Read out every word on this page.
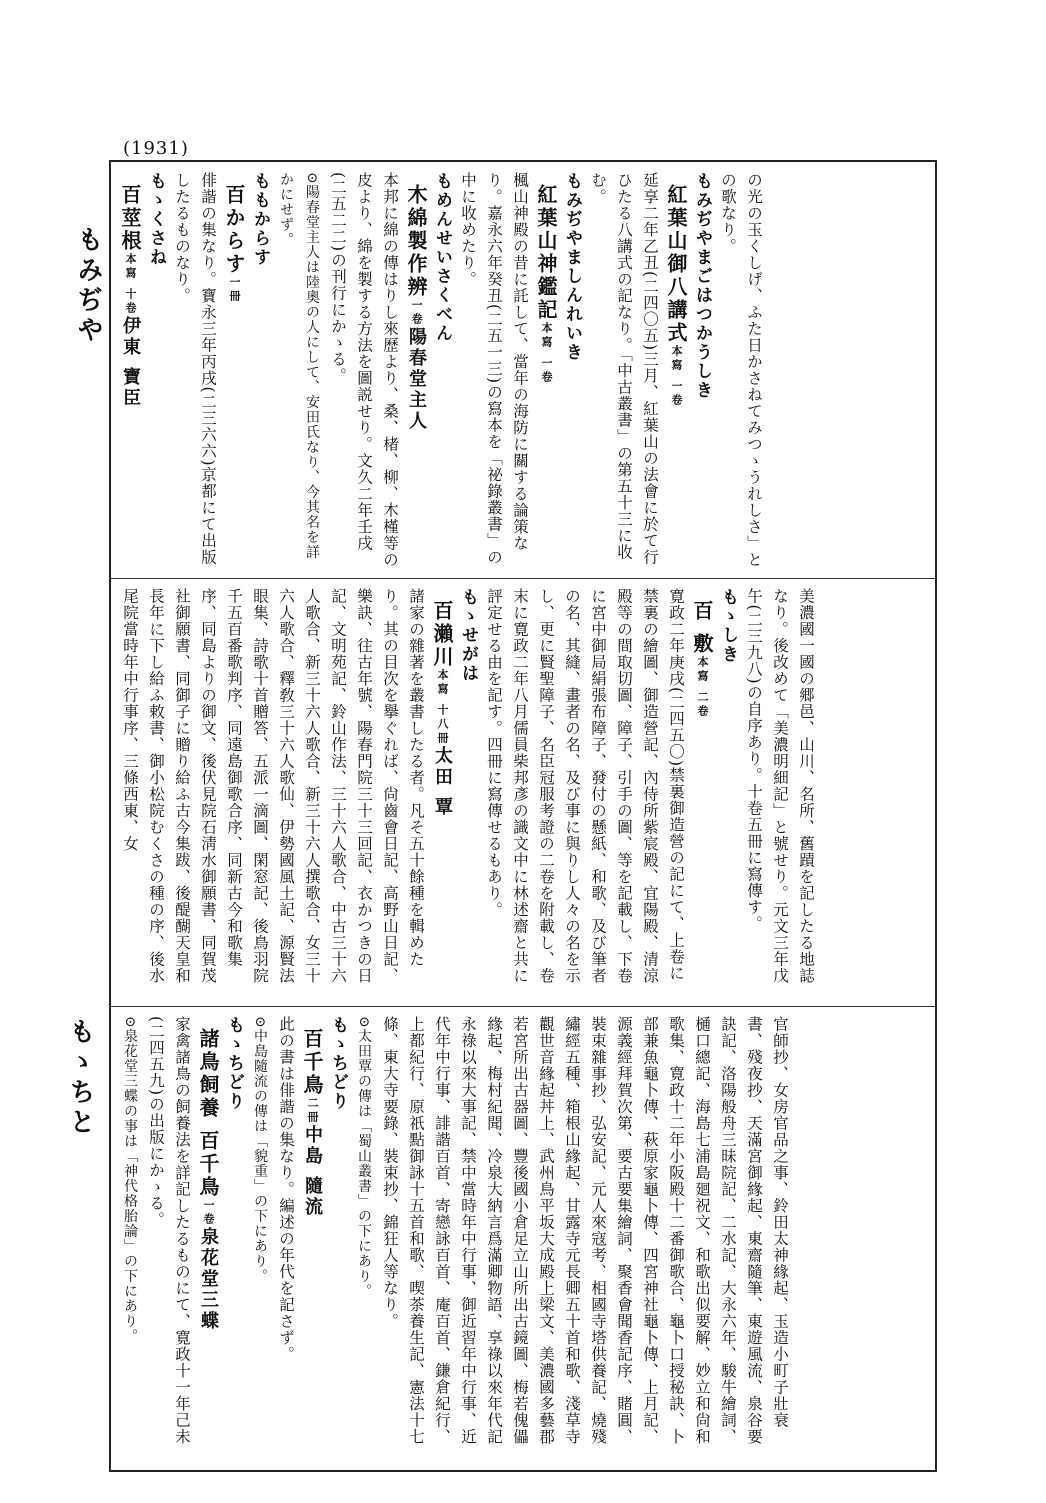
(1931)
もみぢや
もゝちと

の光の玉くしげ、ふた日かさねてみつゝうれしさ」との歌なり。

もみぢやまごはつかうしき

紅葉山御八講式本寫 一卷

延享二年乙丑(二四〇五)三月、紅葉山の法會に於て行ひたる八講式の記なり。「中古叢書」の第五十三に收む。

もみぢやましんれいき

紅葉山神鑑記本寫 一卷

楓山神殿の昔に託して、當年の海防に關する論策なり。嘉永六年癸丑(二五一三)の寫本を「祕錄叢書」の中に收めたり。

もめんせいさくべん

木綿製作辨一卷陽春堂主人

本邦に綿の傳はりし來歷より、桑、楮、柳、木槿等の皮より、綿を製する方法を圖説せり。文久二年壬戌(二五二二)の刊行にかゝる。

⊙陽春堂主人は陸奧の人にして、安田氏なり、今其名を詳かにせず。

ももからす

百からす一冊

俳諧の集なり。寶永三年丙戌(二三六六)京都にて出版したるものなり。

もゝくさね

百莖根本寫 十卷伊東 寶臣

美濃國一國の郷邑、山川、名所、舊蹟を記したる地誌なり。後改めて「美濃明細記」と號せり。元文三年戊午(二三九八)の自序あり。十卷五冊に寫傳す。

もゝしき

百 敷本寫 二卷

寛政二年庚戌(二四五〇)禁裏御造營の記にて、上卷に禁裏の繪圖、御造營記、內侍所紫宸殿、宜陽殿、清涼殿等の間取切圖、障子、引手の圖、等を記載し、下卷に宮中御局絹張布障子、發付の懸紙、和歌、及び筆者の名、其縫、畫者の名、及び事に與りし人々の名を示し、更に賢聖障子、名臣冠服考證の二卷を附載し、卷末に寛政二年八月儒員柴邦彥の識文中に林述齋と共に評定せる由を記す。四冊に寫傳せるもあり。

もゝせがは

百瀨川本寫 十八冊太田 覃

諸家の雜著を叢書したる者。凡そ五十餘種を輯めたり。其の目次を擧ぐれば、尙齒會日記、高野山日記、樂訣、往古年號、陽春門院三十三回記、衣かつきの日記、文明苑記、鈴山作法、三十六人歌合、中古三十六人歌合、新三十六人歌合、新三十六人撰歌合、女三十六人歌合、釋敎三十六人歌仙、伊勢國風土記、源賢法眼集、詩歌十首贈答、五派一滴圖、閑窓記、後鳥羽院千五百番歌判序、同遠島御歌合序、同新古今和歌集序、同島よりの御文、後伏見院石淸水御願書、同賀茂社御願書、同御子に贈り給ふ古今集跋、後醍醐天皇和長年に下し給ふ敕書、御小松院むくさの種の序、後水尾院當時年中行事序、三條西東、女

官師抄、女房官品之事、鈴田太神緣起、玉造小町子壯衰書、殘夜抄、天滿宮御緣起、東齋隨筆、東遊風流、泉谷要訣記、洛陽般舟三昧院記、二水記、大永六年、駿牛繪詞、樋口總記、海島七浦島廻祝文、和歌出似要解、妙立和尙和歌集、寛政十二年小阪殿十二番御歌合、龜卜口授秘訣、卜部兼魚龜卜傳、萩原家龜卜傳、四宮神社龜卜傳、上月記、源義經拜賀次第、要古要集繪詞、聚香會聞香記序、賭圓、裝束雜事抄、弘安記、元人來寇考、相國寺塔供養記、燒殘繡經五種、箱根山緣起、甘露寺元長卿五十首和歌、淺草寺觀世音緣起丼上、武州鳥平坂大成殿上梁文、美濃國多藝郡若宮所出古器圖、豐後國小倉足立山所出古鏡圖、梅若傀儡緣起、梅村紀聞、冷泉大納言爲滿卿物語、享祿以來年代記永祿以來大事記、禁中當時年中行事、御近習年中行事、近代年中行事、誹諧百首、寄戀詠百首、庵百首、鎌倉紀行、上都紀行、原祇點御詠十五首和歌、喫茶養生記、憲法十七條、東大寺要錄、裝束抄、錦狂人等なり。

⊙太田覃の傳は「蜀山叢書」の下にあり。

もゝちどり

百千鳥二冊中島 隨流

此の書は俳諧の集なり。編述の年代を記さず。

⊙中島隨流の傳は「貌重」の下にあり。

もゝちどり

諸鳥飼養 百千鳥一卷泉花堂三蝶

家禽諸鳥の飼養法を詳記したるものにて、寛政十一年己未(二四五九)の出版にかゝる。

⊙泉花堂三蝶の事は「神代格胎論」の下にあり。
